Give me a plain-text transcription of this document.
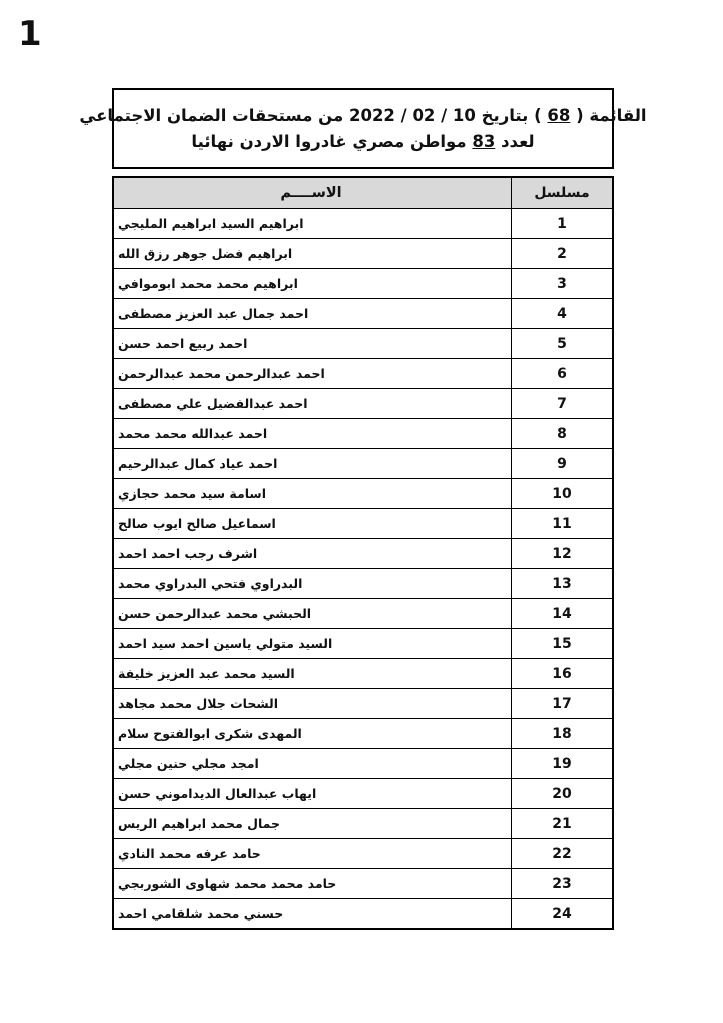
1
القائمة ( 68 ) بتاريخ 10 / 02 / 2022 من مستحقات الضمان الاجتماعي
لعدد 83 مواطن مصري غادروا الاردن نهائيا
الاســــم	مسلسل
ابراهيم السيد ابراهيم المليجي	1
ابراهيم فضل جوهر رزق الله	2
ابراهيم محمد محمد ابوموافي	3
احمد جمال عبد العزيز مصطفى	4
احمد ربيع احمد حسن	5
احمد عبدالرحمن محمد عبدالرحمن	6
احمد عبدالفضيل علي مصطفى	7
احمد عبدالله محمد محمد	8
احمد عياد كمال عبدالرحيم	9
اسامة سيد محمد حجازي	10
اسماعيل صالح ايوب صالح	11
اشرف رجب احمد احمد	12
البدراوي فتحي البدراوي محمد	13
الحبشي محمد عبدالرحمن حسن	14
السيد متولي ياسين احمد سيد احمد	15
السيد محمد عبد العزيز خليفة	16
الشحات جلال محمد مجاهد	17
المهدى شكرى ابوالفتوح سلام	18
امجد مجلي حنين مجلي	19
ايهاب عبدالعال الديداموني حسن	20
جمال محمد ابراهيم الريس	21
حامد عرفه محمد النادي	22
حامد محمد محمد شهاوى الشوربجي	23
حسني محمد شلقامي احمد	24
